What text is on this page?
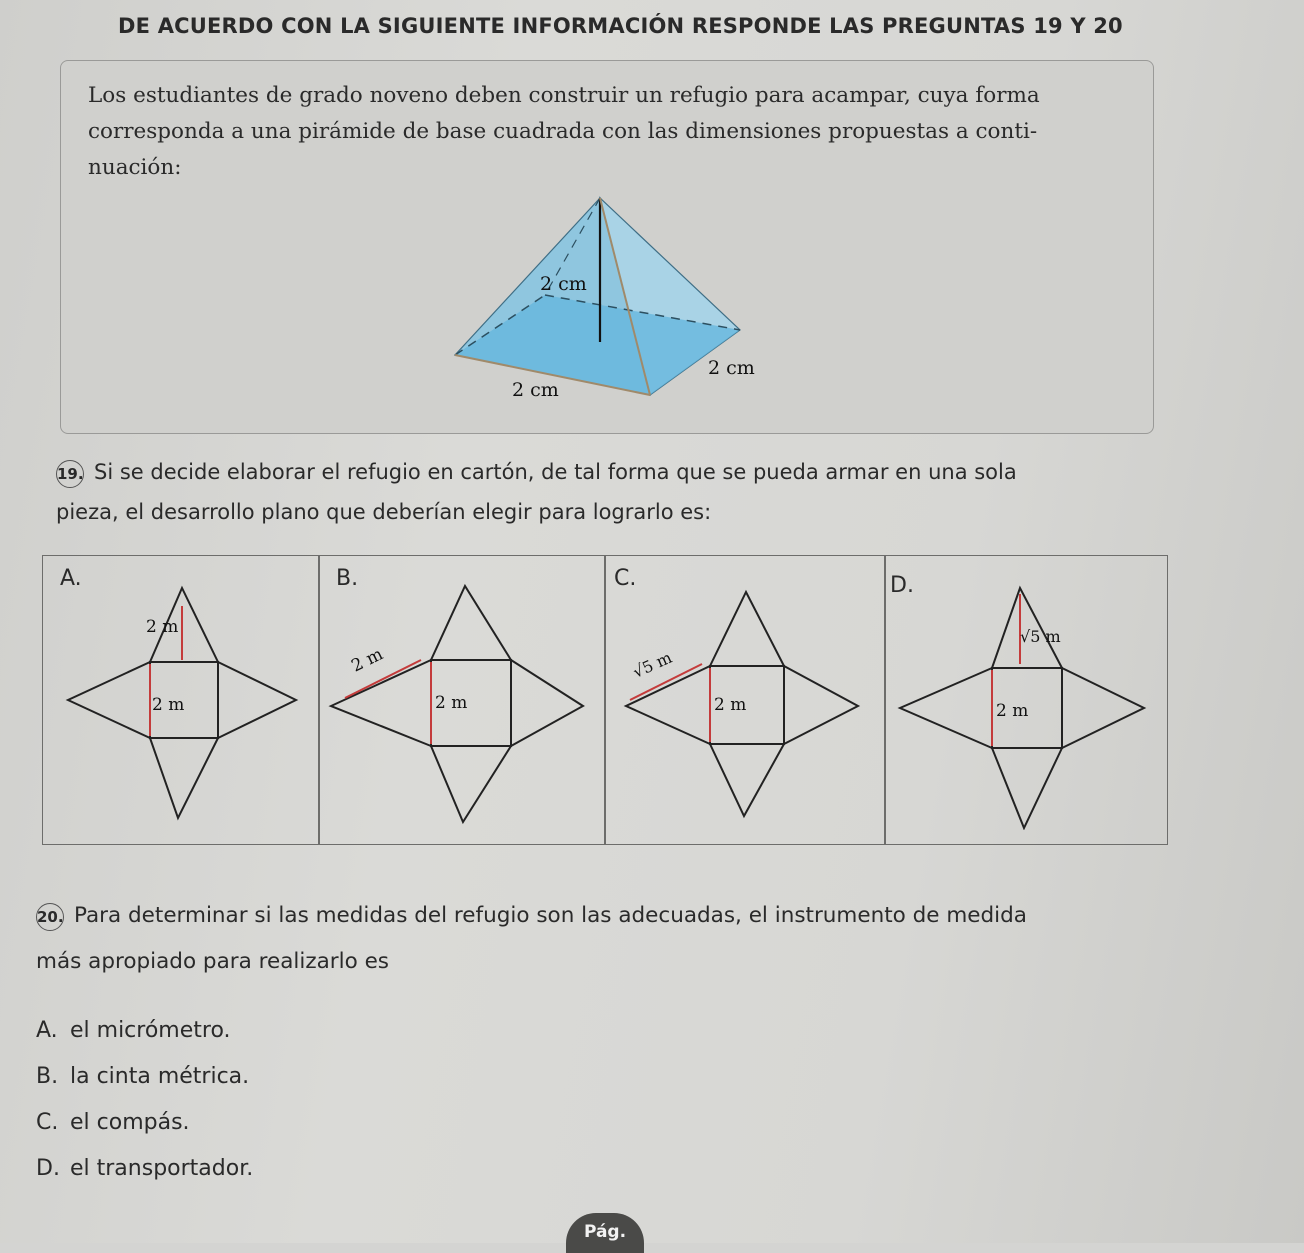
DE ACUERDO CON LA SIGUIENTE INFORMACIÓN RESPONDE LAS PREGUNTAS 19 Y 20
Los estudiantes de grado noveno deben construir un refugio para acampar, cuya forma
corresponda a una pirámide de base cuadrada con las dimensiones propuestas a conti-
nuación:
2 cm
2 cm
2 cm
19. Si se decide elaborar el refugio en cartón, de tal forma que se pueda armar en una sola
pieza, el desarrollo plano que deberían elegir para lograrlo es:
A.	B.	C.	D.
2 m
2 m
2 m
2 m
√5 m
2 m
√5 m
2 m
20. Para determinar si las medidas del refugio son las adecuadas, el instrumento de medida
más apropiado para realizarlo es
A. el micrómetro.
B. la cinta métrica.
C. el compás.
D. el transportador.
Pág.
